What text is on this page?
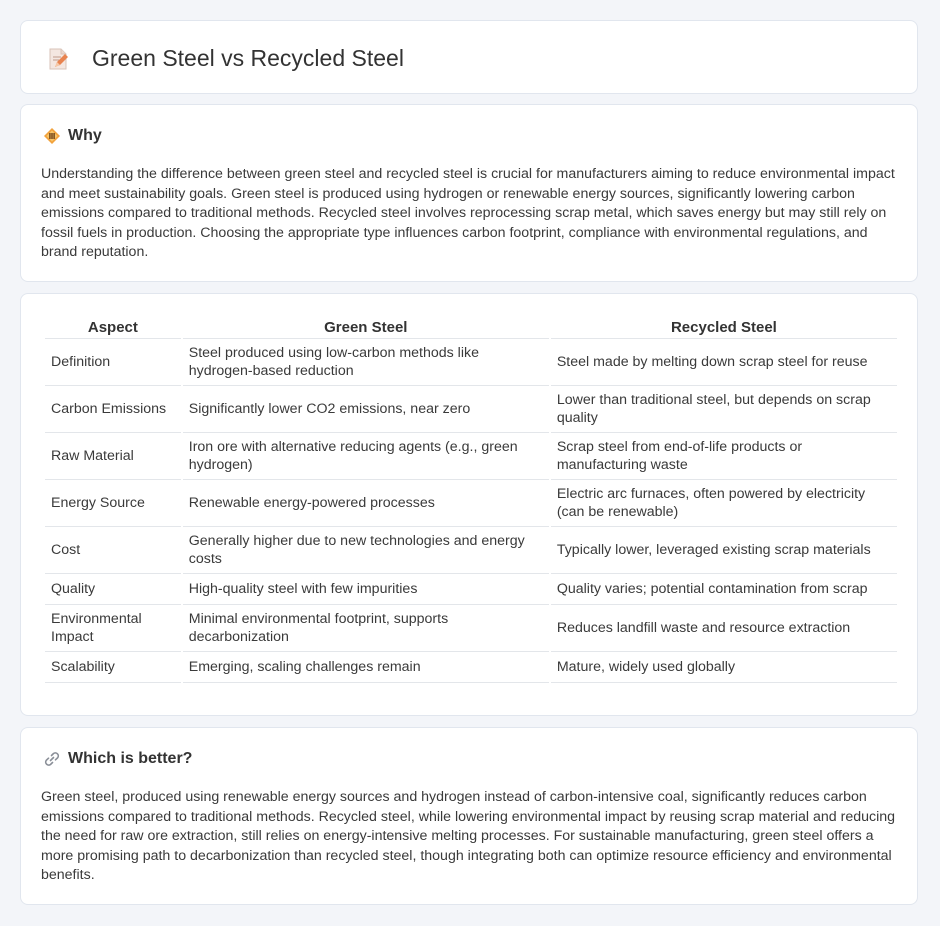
Green Steel vs Recycled Steel
Why
Understanding the difference between green steel and recycled steel is crucial for manufacturers aiming to reduce environmental impact and meet sustainability goals. Green steel is produced using hydrogen or renewable energy sources, significantly lowering carbon emissions compared to traditional methods. Recycled steel involves reprocessing scrap metal, which saves energy but may still rely on fossil fuels in production. Choosing the appropriate type influences carbon footprint, compliance with environmental regulations, and brand reputation.
Aspect	Green Steel	Recycled Steel
Definition	Steel produced using low-carbon methods like hydrogen-based reduction	Steel made by melting down scrap steel for reuse
Carbon Emissions	Significantly lower CO2 emissions, near zero	Lower than traditional steel, but depends on scrap quality
Raw Material	Iron ore with alternative reducing agents (e.g., green hydrogen)	Scrap steel from end-of-life products or manufacturing waste
Energy Source	Renewable energy-powered processes	Electric arc furnaces, often powered by electricity (can be renewable)
Cost	Generally higher due to new technologies and energy costs	Typically lower, leveraged existing scrap materials
Quality	High-quality steel with few impurities	Quality varies; potential contamination from scrap
Environmental Impact	Minimal environmental footprint, supports decarbonization	Reduces landfill waste and resource extraction
Scalability	Emerging, scaling challenges remain	Mature, widely used globally
Which is better?
Green steel, produced using renewable energy sources and hydrogen instead of carbon-intensive coal, significantly reduces carbon emissions compared to traditional methods. Recycled steel, while lowering environmental impact by reusing scrap material and reducing the need for raw ore extraction, still relies on energy-intensive melting processes. For sustainable manufacturing, green steel offers a more promising path to decarbonization than recycled steel, though integrating both can optimize resource efficiency and environmental benefits.
